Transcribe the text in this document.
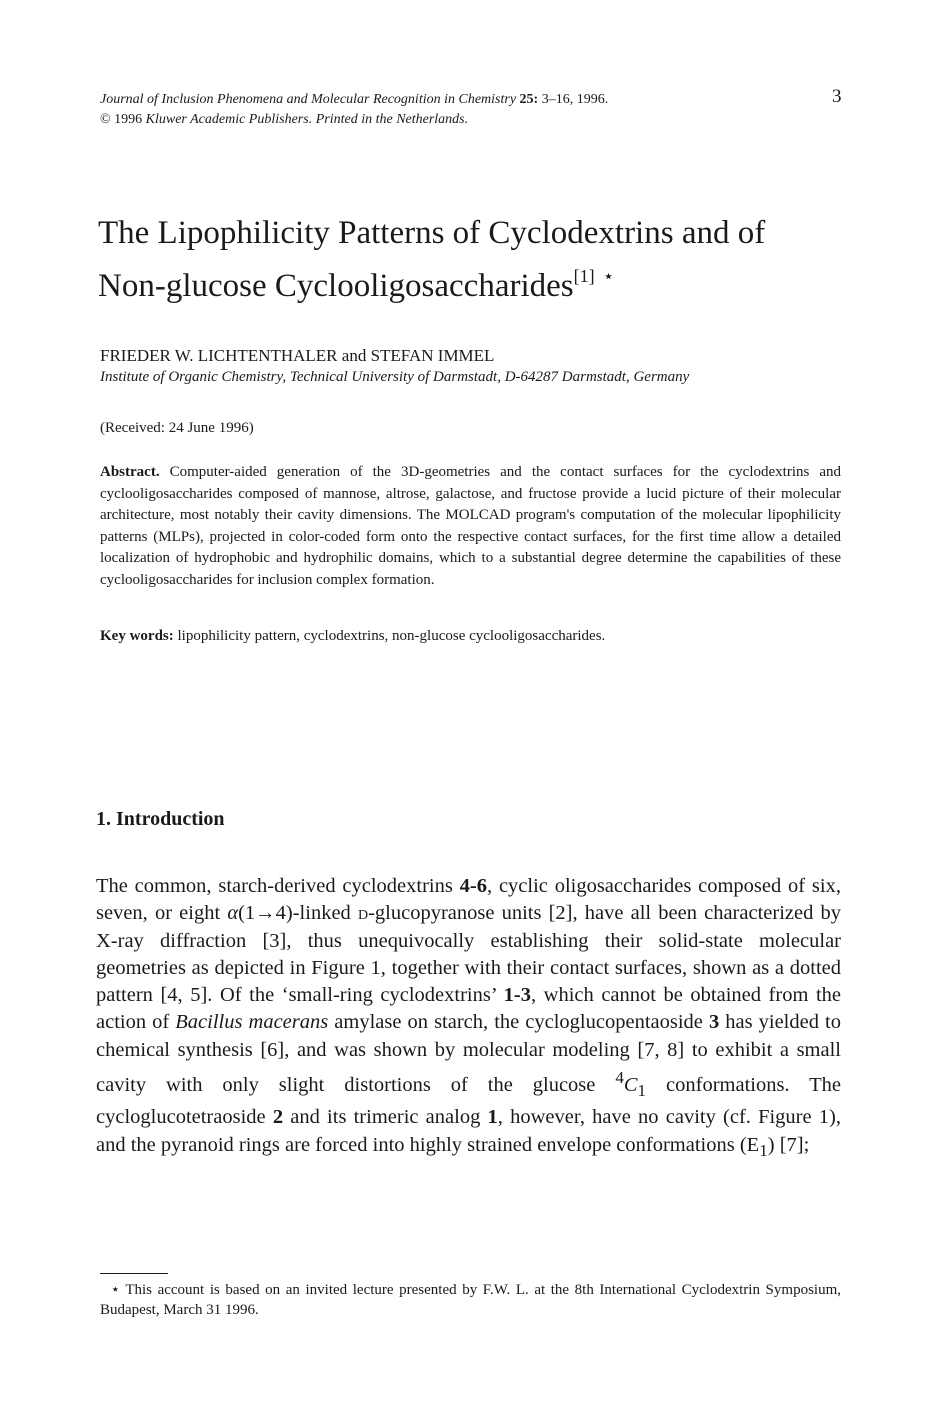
Journal of Inclusion Phenomena and Molecular Recognition in Chemistry 25: 3–16, 1996.
© 1996 Kluwer Academic Publishers. Printed in the Netherlands.
3
The Lipophilicity Patterns of Cyclodextrins and of
Non-glucose Cyclooligosaccharides[1] ⋆
FRIEDER W. LICHTENTHALER and STEFAN IMMEL
Institute of Organic Chemistry, Technical University of Darmstadt, D-64287 Darmstadt, Germany
(Received: 24 June 1996)
Abstract. Computer-aided generation of the 3D-geometries and the contact surfaces for the cyclodextrins and cyclooligosaccharides composed of mannose, altrose, galactose, and fructose provide a lucid picture of their molecular architecture, most notably their cavity dimensions. The MOLCAD program's computation of the molecular lipophilicity patterns (MLPs), projected in color-coded form onto the respective contact surfaces, for the first time allow a detailed localization of hydrophobic and hydrophilic domains, which to a substantial degree determine the capabilities of these cyclooligosaccharides for inclusion complex formation.
Key words: lipophilicity pattern, cyclodextrins, non-glucose cyclooligosaccharides.
1. Introduction

The common, starch-derived cyclodextrins 4-6, cyclic oligosaccharides composed of six, seven, or eight α(1→4)-linked d-glucopyranose units [2], have all been characterized by X-ray diffraction [3], thus unequivocally establishing their solid-state molecular geometries as depicted in Figure 1, together with their contact surfaces, shown as a dotted pattern [4, 5]. Of the ‘small-ring cyclodextrins’ 1-3, which cannot be obtained from the action of Bacillus macerans amylase on starch, the cycloglucopentaoside 3 has yielded to chemical synthesis [6], and was shown by molecular modeling [7, 8] to exhibit a small cavity with only slight distortions of the glucose $^4C_1$ conformations. The cycloglucotetraoside 2 and its trimeric analog 1, however, have no cavity (cf. Figure 1), and the pyranoid rings are forced into highly strained envelope conformations $(E_1)$ [7];

⋆ This account is based on an invited lecture presented by F.W. L. at the 8th International Cyclodextrin Symposium, Budapest, March 31 1996.
